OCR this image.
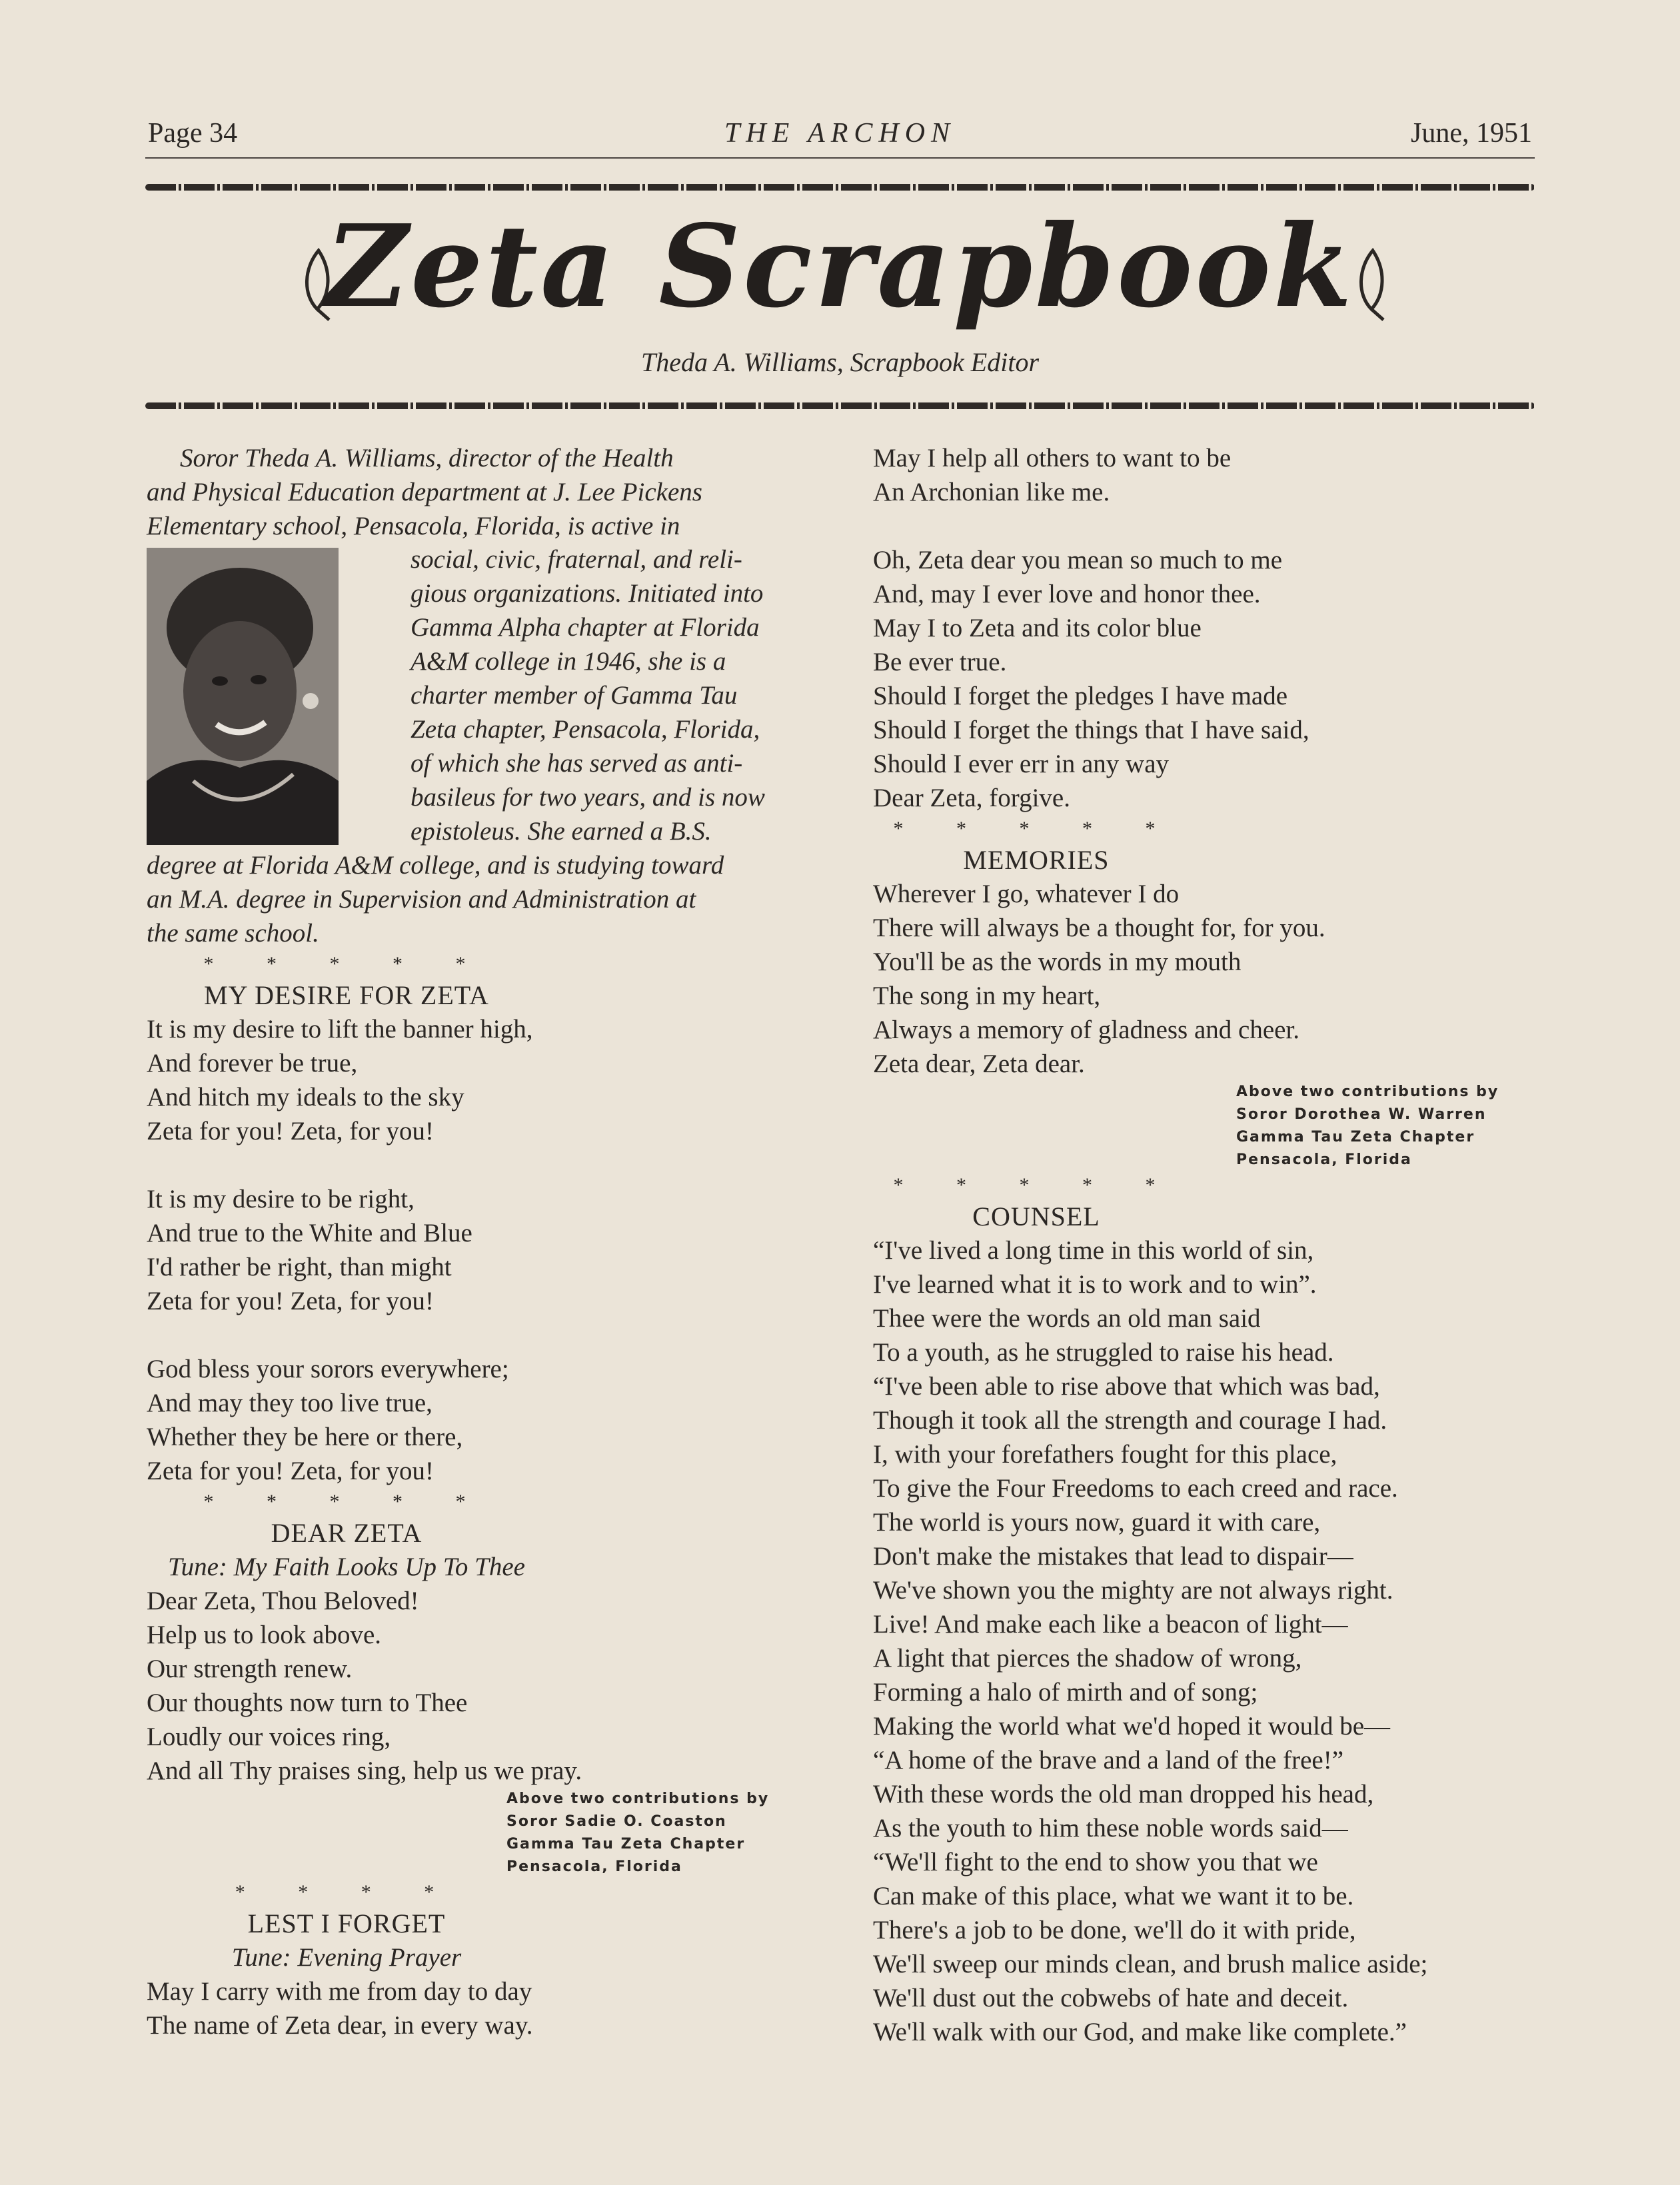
Page 34	THE ARCHON	June, 1951
Zeta Scrapbook
Theda A. Williams, Scrapbook Editor

Soror Theda A. Williams, director of the Health

and Physical Education department at J. Lee Pickens

Elementary school, Pensacola, Florida, is active in

social, civic, fraternal, and reli-

gious organizations. Initiated into

Gamma Alpha chapter at Florida

A&M college in 1946, she is a

charter member of Gamma Tau

Zeta chapter, Pensacola, Florida,

of which she has served as anti-

basileus for two years, and is now

epistoleus. She earned a B.S.

degree at Florida A&M college, and is studying toward

an M.A. degree in Supervision and Administration at

the same school.

* * * * *

MY DESIRE FOR ZETA

It is my desire to lift the banner high,

And forever be true,

And hitch my ideals to the sky

Zeta for you! Zeta, for you!

It is my desire to be right,

And true to the White and Blue

I'd rather be right, than might

Zeta for you! Zeta, for you!

God bless your sorors everywhere;

And may they too live true,

Whether they be here or there,

Zeta for you! Zeta, for you!

* * * * *

DEAR ZETA

Tune: My Faith Looks Up To Thee

Dear Zeta, Thou Beloved!

Help us to look above.

Our strength renew.

Our thoughts now turn to Thee

Loudly our voices ring,

And all Thy praises sing, help us we pray.

Above two contributions by
Soror Sadie O. Coaston
Gamma Tau Zeta Chapter
Pensacola, Florida

* * * *

LEST I FORGET

Tune: Evening Prayer

May I carry with me from day to day

The name of Zeta dear, in every way.

May I help all others to want to be

An Archonian like me.

Oh, Zeta dear you mean so much to me

And, may I ever love and honor thee.

May I to Zeta and its color blue

Be ever true.

Should I forget the pledges I have made

Should I forget the things that I have said,

Should I ever err in any way

Dear Zeta, forgive.

* * * * *

MEMORIES

Wherever I go, whatever I do

There will always be a thought for, for you.

You'll be as the words in my mouth

The song in my heart,

Always a memory of gladness and cheer.

Zeta dear, Zeta dear.

Above two contributions by
Soror Dorothea W. Warren
Gamma Tau Zeta Chapter
Pensacola, Florida

* * * * *

COUNSEL

“I've lived a long time in this world of sin,

I've learned what it is to work and to win”.

Thee were the words an old man said

To a youth, as he struggled to raise his head.

“I've been able to rise above that which was bad,

Though it took all the strength and courage I had.

I, with your forefathers fought for this place,

To give the Four Freedoms to each creed and race.

The world is yours now, guard it with care,

Don't make the mistakes that lead to dispair—

We've shown you the mighty are not always right.

Live! And make each like a beacon of light—

A light that pierces the shadow of wrong,

Forming a halo of mirth and of song;

Making the world what we'd hoped it would be—

“A home of the brave and a land of the free!”

With these words the old man dropped his head,

As the youth to him these noble words said—

“We'll fight to the end to show you that we

Can make of this place, what we want it to be.

There's a job to be done, we'll do it with pride,

We'll sweep our minds clean, and brush malice aside;

We'll dust out the cobwebs of hate and deceit.

We'll walk with our God, and make like complete.”
